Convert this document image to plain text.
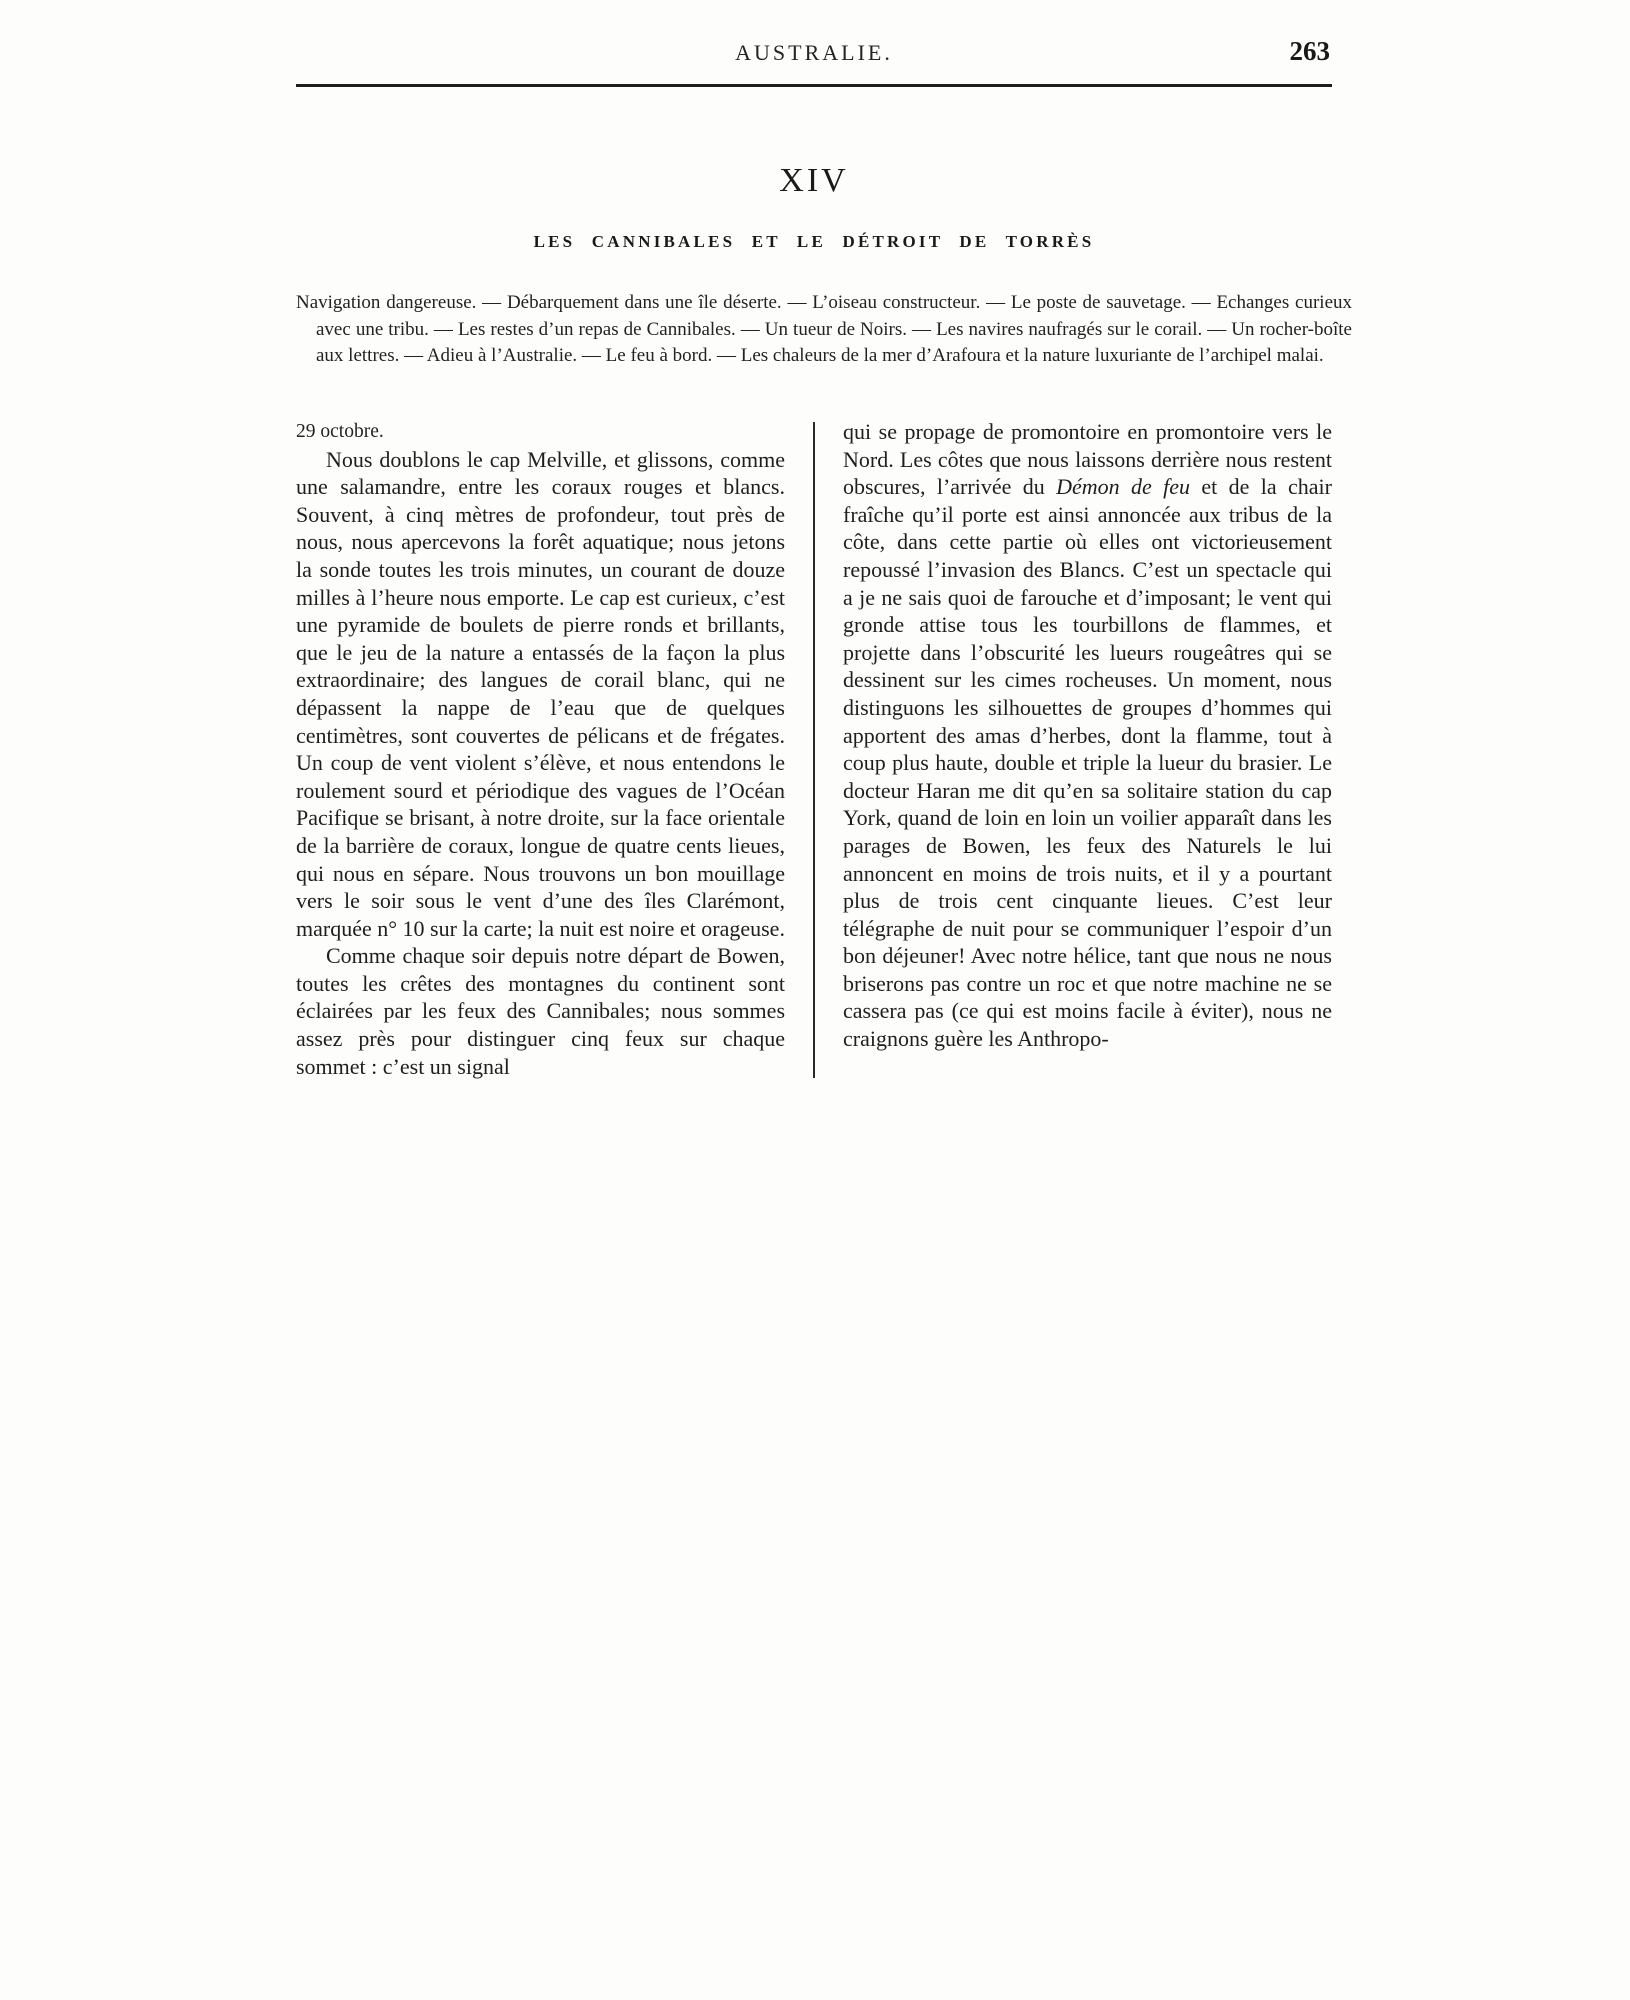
AUSTRALIE.	263
XIV
LES CANNIBALES ET LE DÉTROIT DE TORRÈS
Navigation dangereuse. — Débarquement dans une île déserte. — L’oiseau constructeur. — Le poste de sauvetage. — Echanges curieux avec une tribu. — Les restes d’un repas de Cannibales. — Un tueur de Noirs. — Les navires naufragés sur le corail. — Un rocher-boîte aux lettres. — Adieu à l’Australie. — Le feu à bord. — Les chaleurs de la mer d’Arafoura et la nature luxuriante de l’archipel malai.
29 octobre.

Nous doublons le cap Melville, et glissons, comme une salamandre, entre les coraux rouges et blancs. Souvent, à cinq mètres de profondeur, tout près de nous, nous apercevons la forêt aquatique; nous jetons la sonde toutes les trois minutes, un courant de douze milles à l’heure nous emporte. Le cap est curieux, c’est une pyramide de boulets de pierre ronds et brillants, que le jeu de la nature a entassés de la façon la plus extraordinaire; des langues de corail blanc, qui ne dépassent la nappe de l’eau que de quelques centimètres, sont couvertes de pélicans et de frégates. Un coup de vent violent s’élève, et nous entendons le roulement sourd et périodique des vagues de l’Océan Pacifique se brisant, à notre droite, sur la face orientale de la barrière de coraux, longue de quatre cents lieues, qui nous en sépare. Nous trouvons un bon mouillage vers le soir sous le vent d’une des îles Clarémont, marquée n° 10 sur la carte; la nuit est noire et orageuse.

Comme chaque soir depuis notre départ de Bowen, toutes les crêtes des montagnes du continent sont éclairées par les feux des Cannibales; nous sommes assez près pour distinguer cinq feux sur chaque sommet : c’est un signal

qui se propage de promontoire en promontoire vers le Nord. Les côtes que nous laissons derrière nous restent obscures, l’arrivée du Démon de feu et de la chair fraîche qu’il porte est ainsi annoncée aux tribus de la côte, dans cette partie où elles ont victorieusement repoussé l’invasion des Blancs. C’est un spectacle qui a je ne sais quoi de farouche et d’imposant; le vent qui gronde attise tous les tourbillons de flammes, et projette dans l’obscurité les lueurs rougeâtres qui se dessinent sur les cimes rocheuses. Un moment, nous distinguons les silhouettes de groupes d’hommes qui apportent des amas d’herbes, dont la flamme, tout à coup plus haute, double et triple la lueur du brasier. Le docteur Haran me dit qu’en sa solitaire station du cap York, quand de loin en loin un voilier apparaît dans les parages de Bowen, les feux des Naturels le lui annoncent en moins de trois nuits, et il y a pourtant plus de trois cent cinquante lieues. C’est leur télégraphe de nuit pour se communiquer l’espoir d’un bon déjeuner! Avec notre hélice, tant que nous ne nous briserons pas contre un roc et que notre machine ne se cassera pas (ce qui est moins facile à éviter), nous ne craignons guère les Anthropo-
